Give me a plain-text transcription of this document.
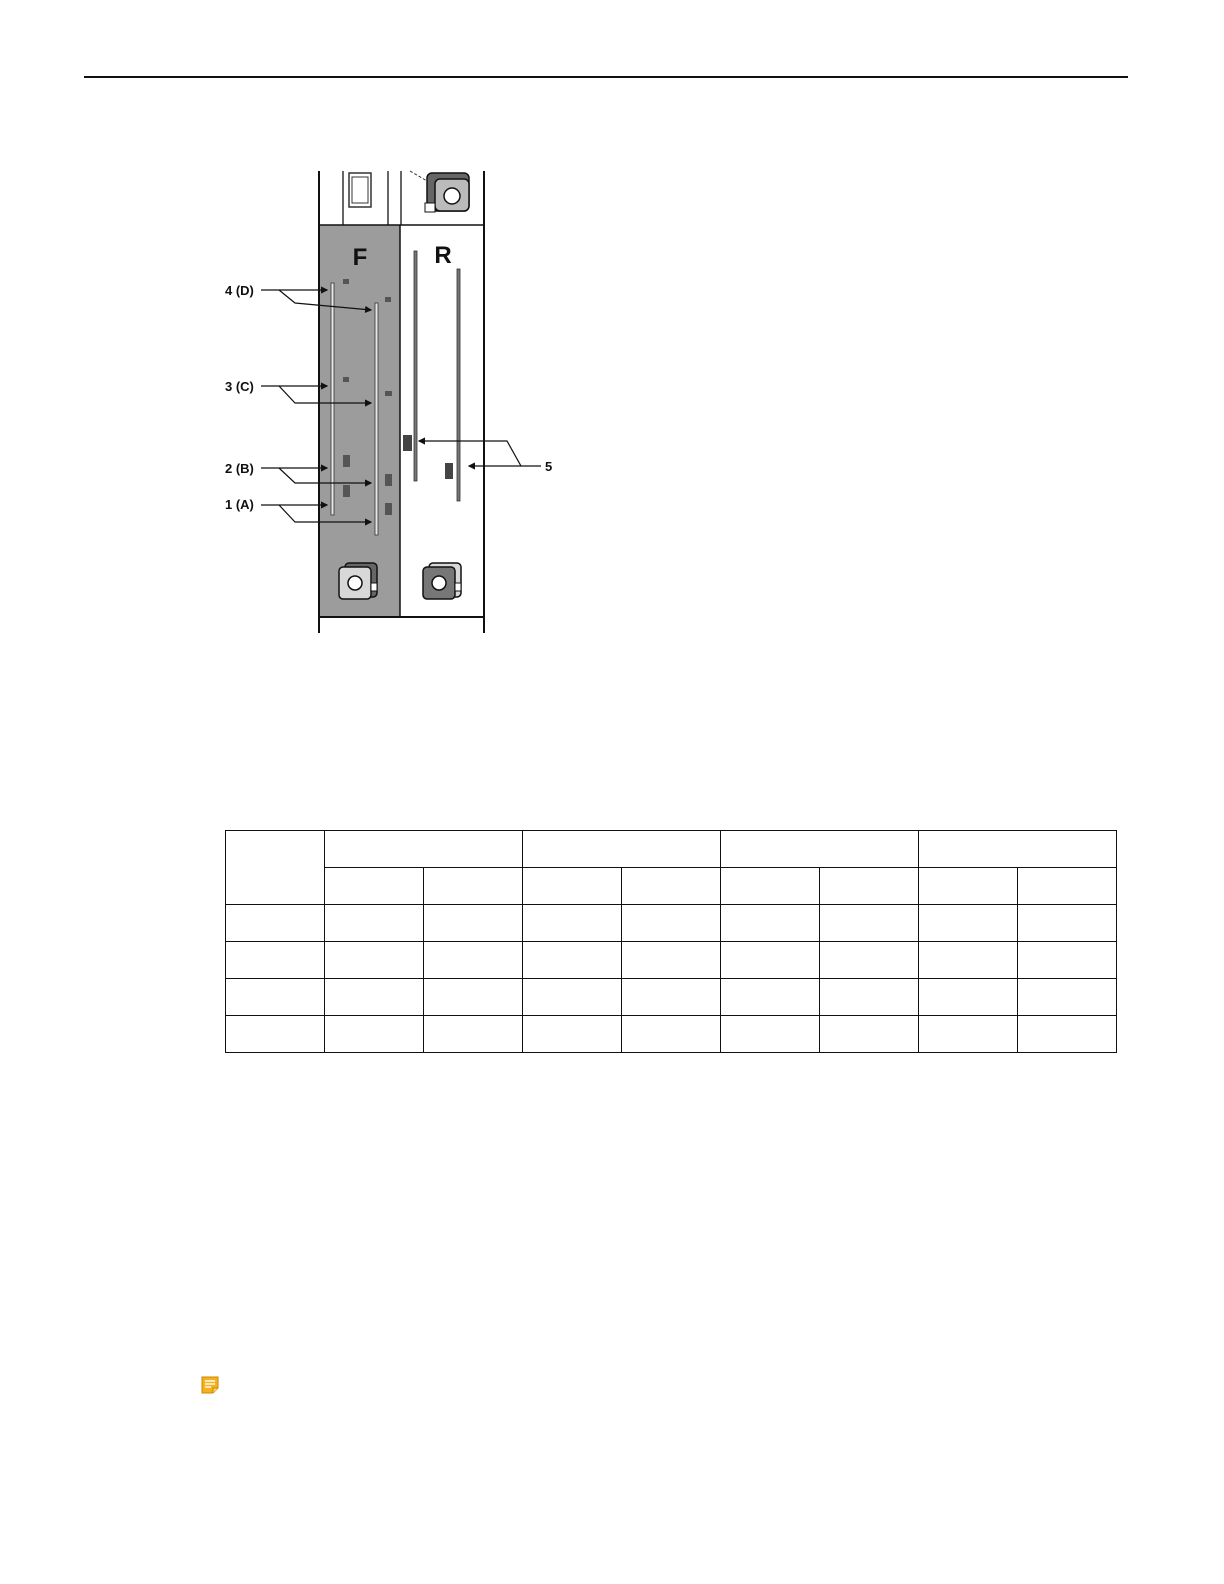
F	R
4 (D)
3 (C)
2 (B)
1 (A)
5
